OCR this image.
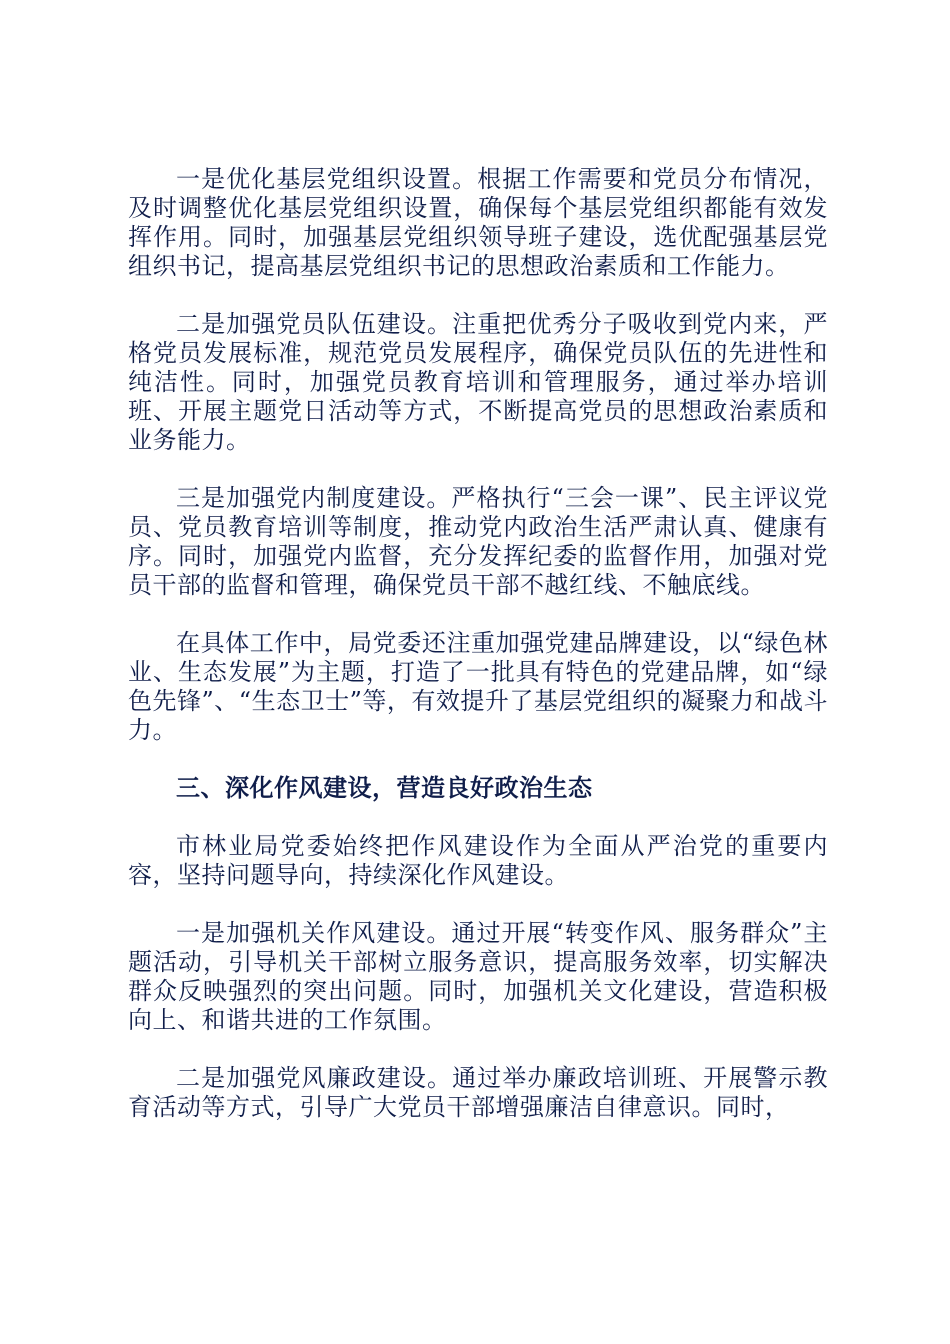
一是优化基层党组织设置。根据工作需要和党员分布情况，及时调整优化基层党组织设置，确保每个基层党组织都能有效发挥作用。同时，加强基层党组织领导班子建设，选优配强基层党组织书记，提高基层党组织书记的思想政治素质和工作能力。

二是加强党员队伍建设。注重把优秀分子吸收到党内来，严格党员发展标准，规范党员发展程序，确保党员队伍的先进性和纯洁性。同时，加强党员教育培训和管理服务，通过举办培训班、开展主题党日活动等方式，不断提高党员的思想政治素质和业务能力。

三是加强党内制度建设。严格执行“三会一课”、民主评议党员、党员教育培训等制度，推动党内政治生活严肃认真、健康有序。同时，加强党内监督，充分发挥纪委的监督作用，加强对党员干部的监督和管理，确保党员干部不越红线、不触底线。

在具体工作中，局党委还注重加强党建品牌建设，以“绿色林业、生态发展”为主题，打造了一批具有特色的党建品牌，如“绿色先锋”、“生态卫士”等，有效提升了基层党组织的凝聚力和战斗力。

三、深化作风建设，营造良好政治生态

市林业局党委始终把作风建设作为全面从严治党的重要内容，坚持问题导向，持续深化作风建设。

一是加强机关作风建设。通过开展“转变作风、服务群众”主题活动，引导机关干部树立服务意识，提高服务效率，切实解决群众反映强烈的突出问题。同时，加强机关文化建设，营造积极向上、和谐共进的工作氛围。

二是加强党风廉政建设。通过举办廉政培训班、开展警示教育活动等方式，引导广大党员干部增强廉洁自律意识。同时，
